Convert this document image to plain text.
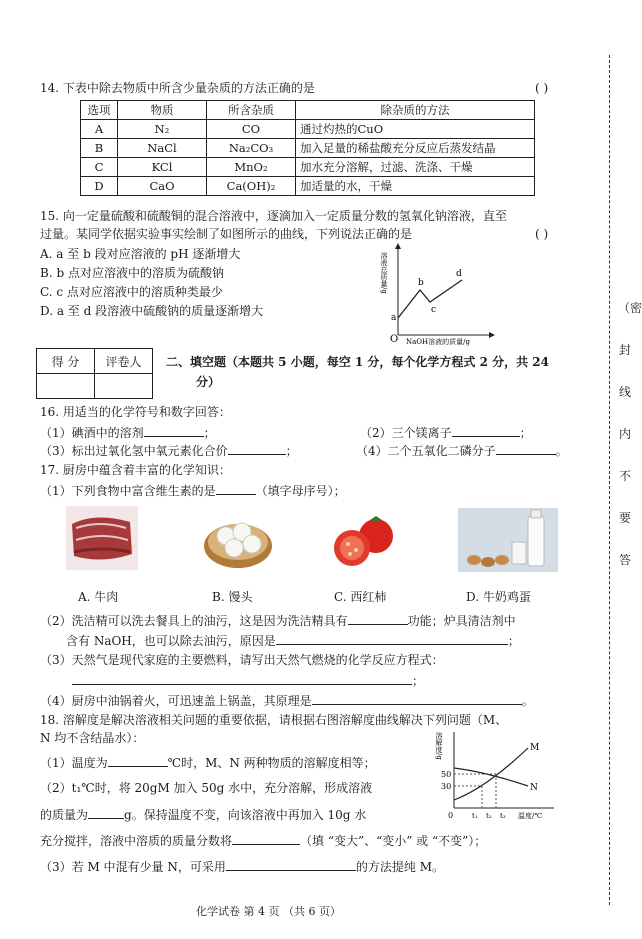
（密
封
线
内
不
要
答
14. 下表中除去物质中所含少量杂质的方法正确的是	( )
选项	物质	所含杂质	除杂质的方法
A	N₂	CO	通过灼热的CuO
B	NaCl	Na₂CO₃	加入足量的稀盐酸充分反应后蒸发结晶
C	KCl	MnO₂	加水充分溶解，过滤、洗涤、干燥
D	CaO	Ca(OH)₂	加适量的水，干燥
15. 向一定量硫酸和硫酸铜的混合溶液中，逐滴加入一定质量分数的氢氧化钠溶液，直至
过量。某同学依据实验事实绘制了如图所示的曲线，下列说法正确的是	( )
A. a 至 b 段对应溶液的 pH 逐渐增大
B. b 点对应溶液中的溶质为硫酸钠
C. c 点对应溶液中的溶质种类最少
D. a 至 d 段溶液中硫酸钠的质量逐渐增大
O
a
b
c
d
NaOH溶液的质量/g
溶液总质量/g
得 分	评卷人
	二、填空题（本题共 5 小题，每空 1 分，每个化学方程式 2 分，共 24
分）
16. 用适当的化学符号和数字回答：
（1）碘酒中的溶剂	；	（2）三个镁离子	；
（3）标出过氧化氢中氧元素化合价	；	（4）二个五氧化二磷分子	。
17. 厨房中蕴含着丰富的化学知识：
（1）下列食物中富含维生素的是	（填字母序号）；
A. 牛肉	B. 馒头	C. 西红柿	D. 牛奶鸡蛋
（2）洗洁精可以洗去餐具上的油污，这是因为洗洁精具有	功能；炉具清洁剂中
含有 NaOH，也可以除去油污，原因是	；
（3）天然气是现代家庭的主要燃料，请写出天然气燃烧的化学反应方程式：
；
（4）厨房中油锅着火，可迅速盖上锅盖，其原理是	。
18. 溶解度是解决溶液相关问题的重要依据，请根据右图溶解度曲线解决下列问题（M、
N 均不含结晶水）：
（1）温度为	℃时，M、N 两种物质的溶解度相等；
（2）t₁℃时，将 20gM 加入 50g 水中，充分溶解，形成溶液
的质量为	g。保持温度不变，向该溶液中再加入 10g 水
充分搅拌，溶液中溶质的质量分数将	（填 “变大”、“变小” 或 “不变”）；
（3）若 M 中混有少量 N，可采用	的方法提纯 M。
M
N
50
30
t₁ t₂ t₃
0	温度/℃
溶解度/g
化学试卷 第 4 页 （共 6 页）
